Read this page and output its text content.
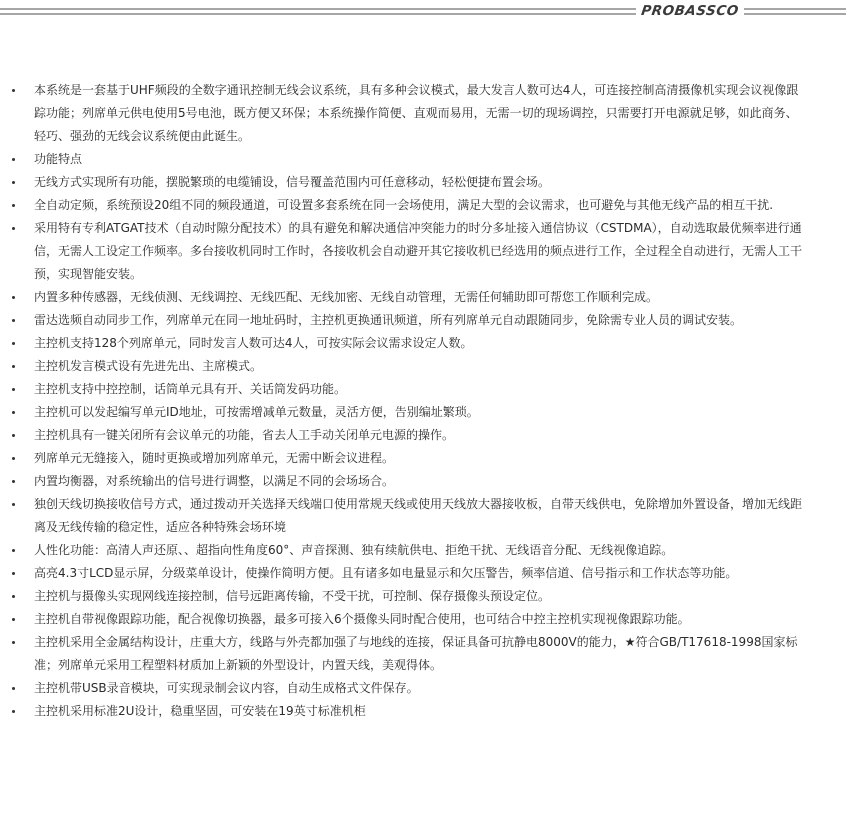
PROBASSCO

本系统是一套基于UHF频段的全数字通讯控制无线会议系统，具有多种会议模式，最大发言人数可达4人，可连接控制高清摄像机实现会议视像跟踪功能；列席单元供电使用5号电池，既方便又环保；本系统操作简便、直观而易用，无需一切的现场调控，只需要打开电源就足够，如此商务、轻巧、强劲的无线会议系统便由此诞生。

功能特点

无线方式实现所有功能，摆脱繁琐的电缆铺设，信号覆盖范围内可任意移动，轻松便捷布置会场。

全自动定频，系统预设20组不同的频段通道，可设置多套系统在同一会场使用，满足大型的会议需求，也可避免与其他无线产品的相互干扰.

采用特有专利ATGAT技术（自动时隙分配技术）的具有避免和解决通信冲突能力的时分多址接入通信协议（CSTDMA），自动选取最优频率进行通信，无需人工设定工作频率。多台接收机同时工作时，各接收机会自动避开其它接收机已经选用的频点进行工作，全过程全自动进行，无需人工干预，实现智能安装。

内置多种传感器，无线侦测、无线调控、无线匹配、无线加密、无线自动管理，无需任何辅助即可帮您工作顺利完成。

雷达选频自动同步工作，列席单元在同一地址码时，主控机更换通讯频道，所有列席单元自动跟随同步，免除需专业人员的调试安装。

主控机支持128个列席单元，同时发言人数可达4人，可按实际会议需求设定人数。

主控机发言模式设有先进先出、主席模式。

主控机支持中控控制，话筒单元具有开、关话筒发码功能。

主控机可以发起编写单元ID地址，可按需增减单元数量，灵活方便，告别编址繁琐。

主控机具有一键关闭所有会议单元的功能，省去人工手动关闭单元电源的操作。

列席单元无缝接入，随时更换或增加列席单元，无需中断会议进程。

内置均衡器，对系统输出的信号进行调整，以满足不同的会场场合。

独创天线切换接收信号方式，通过拨动开关选择天线端口使用常规天线或使用天线放大器接收板，自带天线供电，免除增加外置设备，增加无线距离及无线传输的稳定性，适应各种特殊会场环境

人性化功能：高清人声还原、、超指向性角度60°、声音探测、独有续航供电、拒绝干扰、无线语音分配、无线视像追踪。

高亮4.3寸LCD显示屏，分级菜单设计，使操作简明方便。且有诸多如电量显示和欠压警告，频率信道、信号指示和工作状态等功能。

主控机与摄像头实现网线连接控制，信号远距离传输，不受干扰，可控制、保存摄像头预设定位。

主控机自带视像跟踪功能，配合视像切换器，最多可接入6个摄像头同时配合使用，也可结合中控主控机实现视像跟踪功能。

主控机采用全金属结构设计，庄重大方，线路与外壳都加强了与地线的连接，保证具备可抗静电8000V的能力，★符合GB/T17618-1998国家标准；列席单元采用工程塑料材质加上新颖的外型设计，内置天线，美观得体。

主控机带USB录音模块，可实现录制会议内容，自动生成格式文件保存。

主控机采用标准2U设计，稳重坚固，可安装在19英寸标准机柜
